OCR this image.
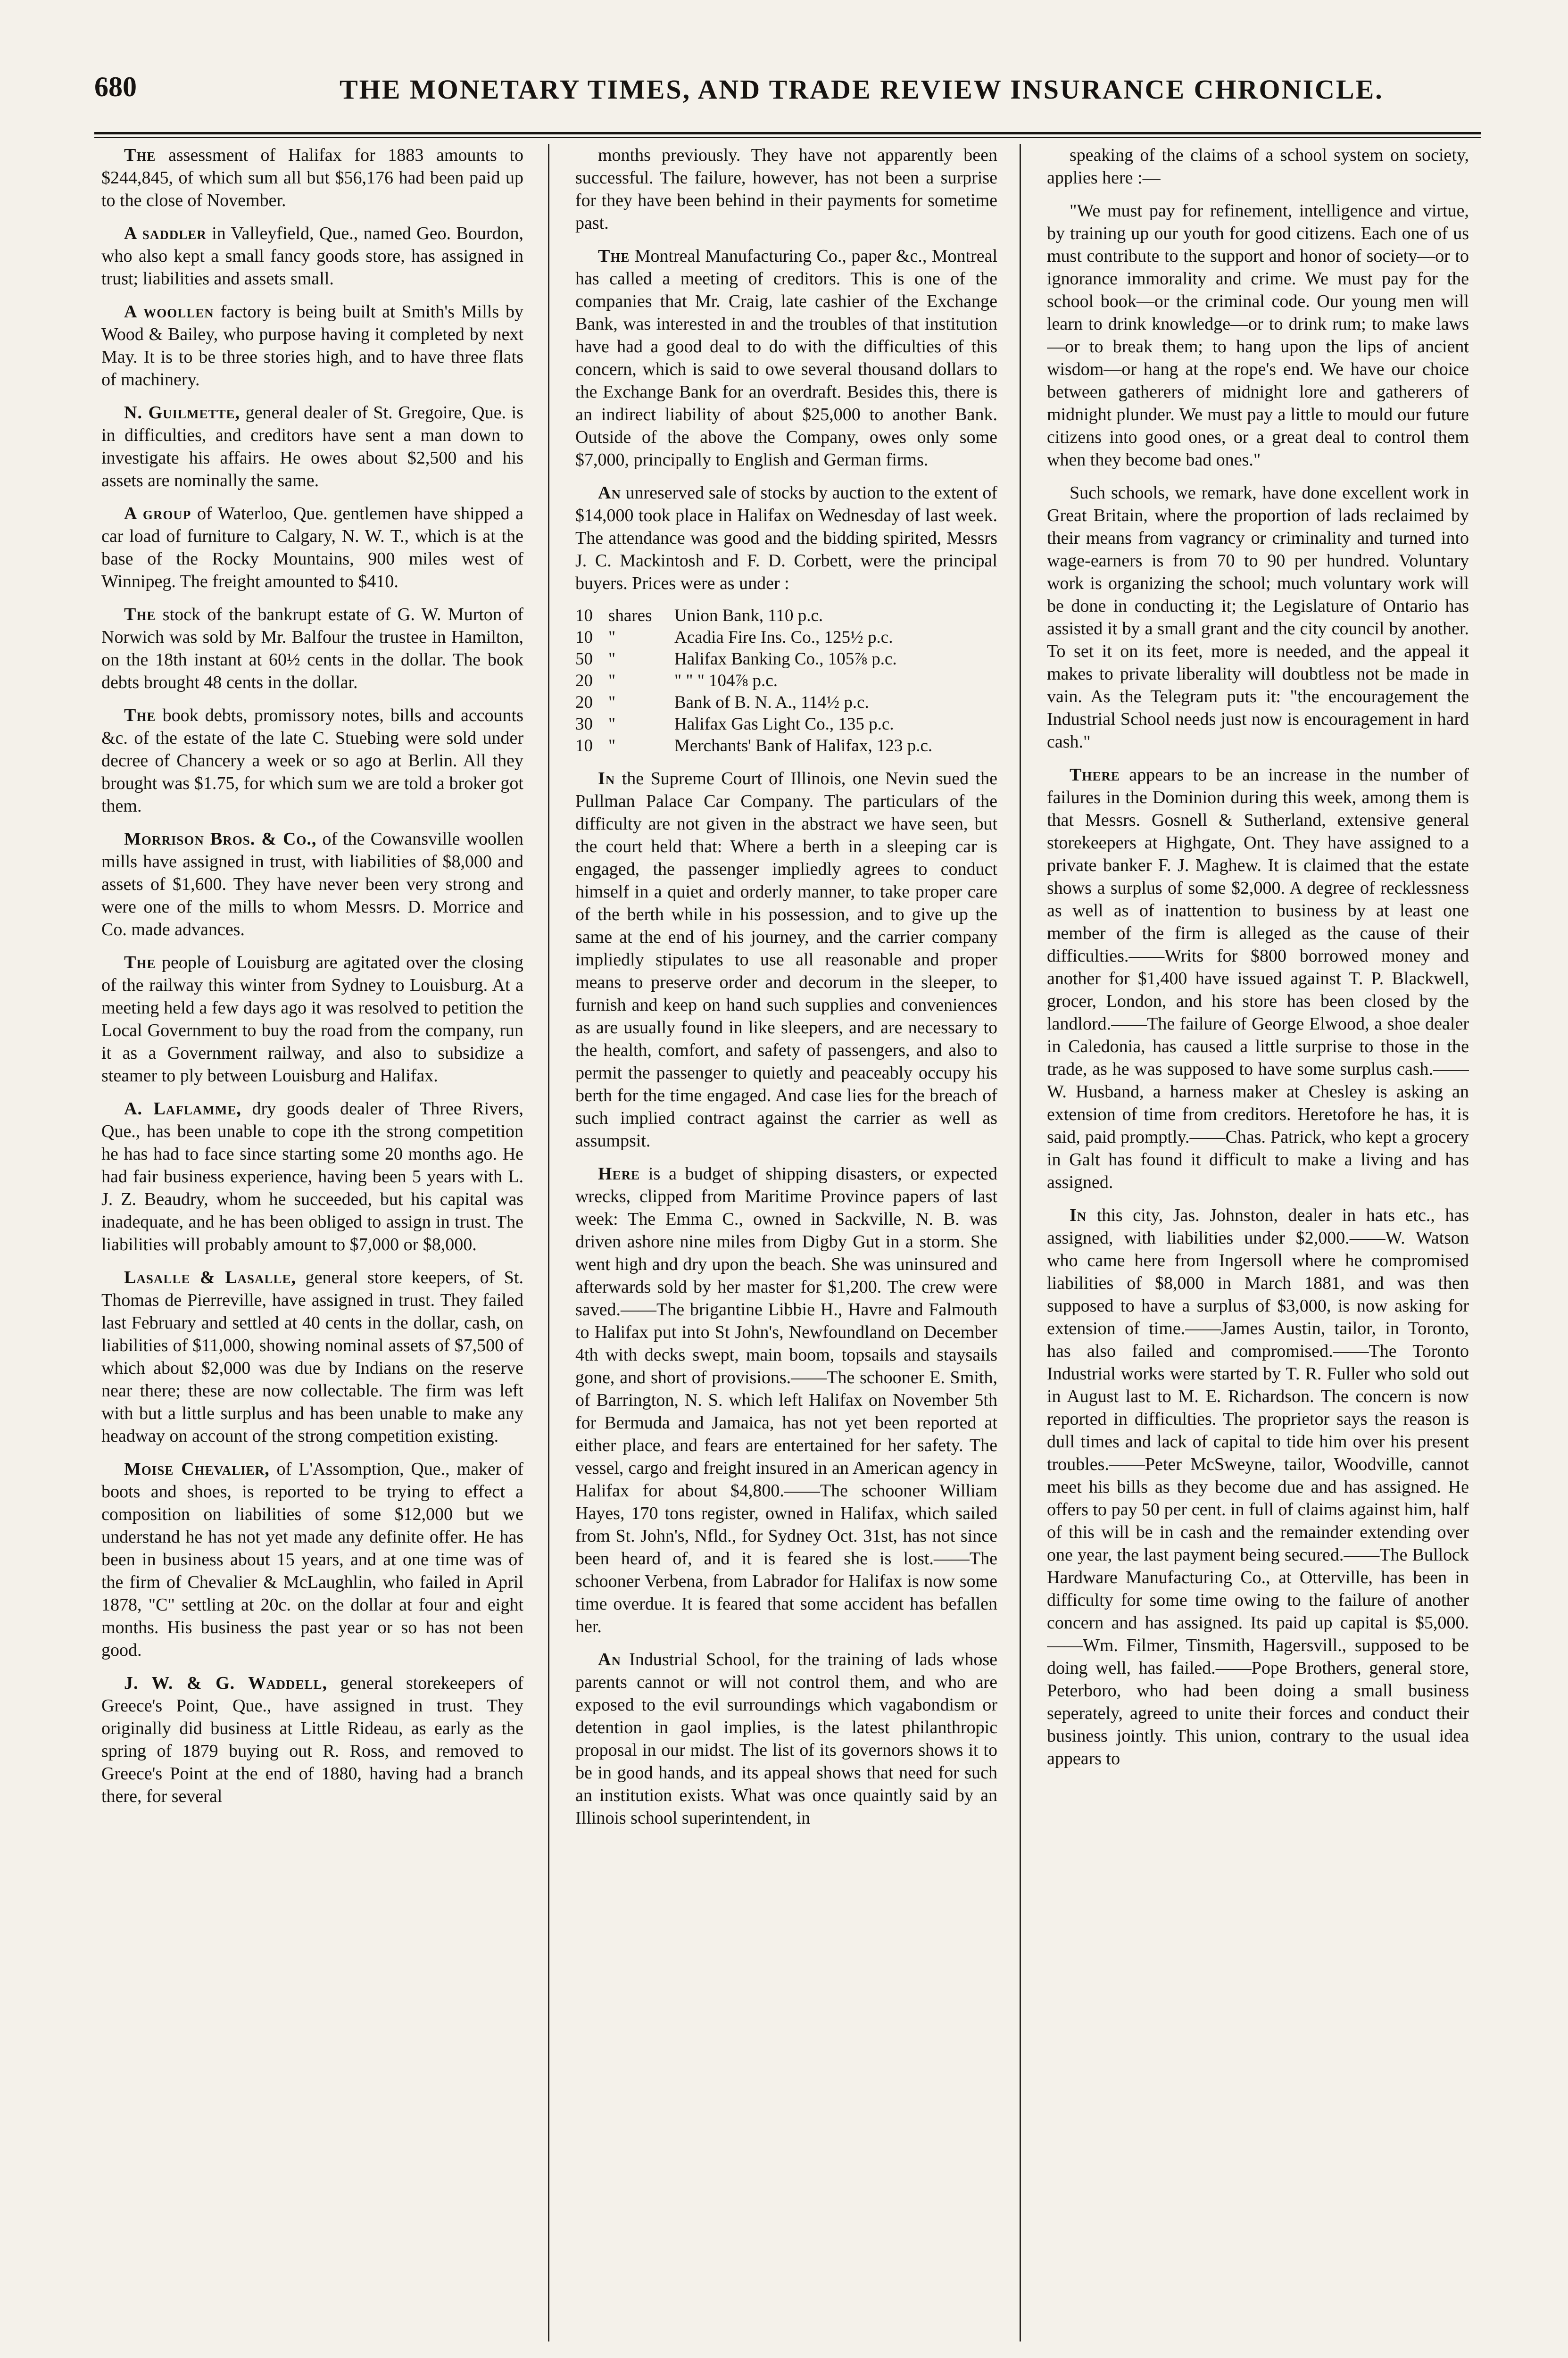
680	THE MONETARY TIMES, AND TRADE REVIEW INSURANCE CHRONICLE.

The assessment of Halifax for 1883 amounts to $244,845, of which sum all but $56,176 had been paid up to the close of November.

A saddler in Valleyfield, Que., named Geo. Bourdon, who also kept a small fancy goods store, has assigned in trust; liabilities and assets small.

A woollen factory is being built at Smith's Mills by Wood & Bailey, who purpose having it completed by next May. It is to be three stories high, and to have three flats of machinery.

N. Guilmette, general dealer of St. Gregoire, Que. is in difficulties, and creditors have sent a man down to investigate his affairs. He owes about $2,500 and his assets are nominally the same.

A group of Waterloo, Que. gentlemen have shipped a car load of furniture to Calgary, N. W. T., which is at the base of the Rocky Mountains, 900 miles west of Winnipeg. The freight amounted to $410.

The stock of the bankrupt estate of G. W. Murton of Norwich was sold by Mr. Balfour the trustee in Hamilton, on the 18th instant at 60½ cents in the dollar. The book debts brought 48 cents in the dollar.

The book debts, promissory notes, bills and accounts &c. of the estate of the late C. Stuebing were sold under decree of Chancery a week or so ago at Berlin. All they brought was $1.75, for which sum we are told a broker got them.

Morrison Bros. & Co., of the Cowansville woollen mills have assigned in trust, with liabilities of $8,000 and assets of $1,600. They have never been very strong and were one of the mills to whom Messrs. D. Morrice and Co. made advances.

The people of Louisburg are agitated over the closing of the railway this winter from Sydney to Louisburg. At a meeting held a few days ago it was resolved to petition the Local Government to buy the road from the company, run it as a Government railway, and also to subsidize a steamer to ply between Louisburg and Halifax.

A. Laflamme, dry goods dealer of Three Rivers, Que., has been unable to cope ith the strong competition he has had to face since starting some 20 months ago. He had fair business experience, having been 5 years with L. J. Z. Beaudry, whom he succeeded, but his capital was inadequate, and he has been obliged to assign in trust. The liabilities will probably amount to $7,000 or $8,000.

Lasalle & Lasalle, general store keepers, of St. Thomas de Pierreville, have assigned in trust. They failed last February and settled at 40 cents in the dollar, cash, on liabilities of $11,000, showing nominal assets of $7,500 of which about $2,000 was due by Indians on the reserve near there; these are now collectable. The firm was left with but a little surplus and has been unable to make any headway on account of the strong competition existing.

Moise Chevalier, of L'Assomption, Que., maker of boots and shoes, is reported to be trying to effect a composition on liabilities of some $12,000 but we understand he has not yet made any definite offer. He has been in business about 15 years, and at one time was of the firm of Chevalier & McLaughlin, who failed in April 1878, "C" settling at 20c. on the dollar at four and eight months. His business the past year or so has not been good.

J. W. & G. Waddell, general storekeepers of Greece's Point, Que., have assigned in trust. They originally did business at Little Rideau, as early as the spring of 1879 buying out R. Ross, and removed to Greece's Point at the end of 1880, having had a branch there, for several

months previously. They have not apparently been successful. The failure, however, has not been a surprise for they have been behind in their payments for sometime past.

The Montreal Manufacturing Co., paper &c., Montreal has called a meeting of creditors. This is one of the companies that Mr. Craig, late cashier of the Exchange Bank, was interested in and the troubles of that institution have had a good deal to do with the difficulties of this concern, which is said to owe several thousand dollars to the Exchange Bank for an overdraft. Besides this, there is an indirect liability of about $25,000 to another Bank. Outside of the above the Company, owes only some $7,000, principally to English and German firms.

An unreserved sale of stocks by auction to the extent of $14,000 took place in Halifax on Wednesday of last week. The attendance was good and the bidding spirited, Messrs J. C. Mackintosh and F. D. Corbett, were the principal buyers. Prices were as under :

10	shares	Union Bank, 110 p.c.
10	"	Acadia Fire Ins. Co., 125½ p.c.
50	"	Halifax Banking Co., 105⅞ p.c.
20	"	" " " 104⅞ p.c.
20	"	Bank of B. N. A., 114½ p.c.
30	"	Halifax Gas Light Co., 135 p.c.
10	"	Merchants' Bank of Halifax, 123 p.c.

In the Supreme Court of Illinois, one Nevin sued the Pullman Palace Car Company. The particulars of the difficulty are not given in the abstract we have seen, but the court held that: Where a berth in a sleeping car is engaged, the passenger impliedly agrees to conduct himself in a quiet and orderly manner, to take proper care of the berth while in his possession, and to give up the same at the end of his journey, and the carrier company impliedly stipulates to use all reasonable and proper means to preserve order and decorum in the sleeper, to furnish and keep on hand such supplies and conveniences as are usually found in like sleepers, and are necessary to the health, comfort, and safety of passengers, and also to permit the passenger to quietly and peaceably occupy his berth for the time engaged. And case lies for the breach of such implied contract against the carrier as well as assumpsit.

Here is a budget of shipping disasters, or expected wrecks, clipped from Maritime Province papers of last week: The Emma C., owned in Sackville, N. B. was driven ashore nine miles from Digby Gut in a storm. She went high and dry upon the beach. She was uninsured and afterwards sold by her master for $1,200. The crew were saved.——The brigantine Libbie H., Havre and Falmouth to Halifax put into St John's, Newfoundland on December 4th with decks swept, main boom, topsails and staysails gone, and short of provisions.——The schooner E. Smith, of Barrington, N. S. which left Halifax on November 5th for Bermuda and Jamaica, has not yet been reported at either place, and fears are entertained for her safety. The vessel, cargo and freight insured in an American agency in Halifax for about $4,800.——The schooner William Hayes, 170 tons register, owned in Halifax, which sailed from St. John's, Nfld., for Sydney Oct. 31st, has not since been heard of, and it is feared she is lost.——The schooner Verbena, from Labrador for Halifax is now some time overdue. It is feared that some accident has befallen her.

An Industrial School, for the training of lads whose parents cannot or will not control them, and who are exposed to the evil surroundings which vagabondism or detention in gaol implies, is the latest philanthropic proposal in our midst. The list of its governors shows it to be in good hands, and its appeal shows that need for such an institution exists. What was once quaintly said by an Illinois school superintendent, in

speaking of the claims of a school system on society, applies here :—

"We must pay for refinement, intelligence and virtue, by training up our youth for good citizens. Each one of us must contribute to the support and honor of society—or to ignorance immorality and crime. We must pay for the school book—or the criminal code. Our young men will learn to drink knowledge—or to drink rum; to make laws—or to break them; to hang upon the lips of ancient wisdom—or hang at the rope's end. We have our choice between gatherers of midnight lore and gatherers of midnight plunder. We must pay a little to mould our future citizens into good ones, or a great deal to control them when they become bad ones."

Such schools, we remark, have done excellent work in Great Britain, where the proportion of lads reclaimed by their means from vagrancy or criminality and turned into wage-earners is from 70 to 90 per hundred. Voluntary work is organizing the school; much voluntary work will be done in conducting it; the Legislature of Ontario has assisted it by a small grant and the city council by another. To set it on its feet, more is needed, and the appeal it makes to private liberality will doubtless not be made in vain. As the Telegram puts it: "the encouragement the Industrial School needs just now is encouragement in hard cash."

There appears to be an increase in the number of failures in the Dominion during this week, among them is that Messrs. Gosnell & Sutherland, extensive general storekeepers at Highgate, Ont. They have assigned to a private banker F. J. Maghew. It is claimed that the estate shows a surplus of some $2,000. A degree of recklessness as well as of inattention to business by at least one member of the firm is alleged as the cause of their difficulties.——Writs for $800 borrowed money and another for $1,400 have issued against T. P. Blackwell, grocer, London, and his store has been closed by the landlord.——The failure of George Elwood, a shoe dealer in Caledonia, has caused a little surprise to those in the trade, as he was supposed to have some surplus cash.——W. Husband, a harness maker at Chesley is asking an extension of time from creditors. Heretofore he has, it is said, paid promptly.——Chas. Patrick, who kept a grocery in Galt has found it difficult to make a living and has assigned.

In this city, Jas. Johnston, dealer in hats etc., has assigned, with liabilities under $2,000.——W. Watson who came here from Ingersoll where he compromised liabilities of $8,000 in March 1881, and was then supposed to have a surplus of $3,000, is now asking for extension of time.——James Austin, tailor, in Toronto, has also failed and compromised.——The Toronto Industrial works were started by T. R. Fuller who sold out in August last to M. E. Richardson. The concern is now reported in difficulties. The proprietor says the reason is dull times and lack of capital to tide him over his present troubles.——Peter McSweyne, tailor, Woodville, cannot meet his bills as they become due and has assigned. He offers to pay 50 per cent. in full of claims against him, half of this will be in cash and the remainder extending over one year, the last payment being secured.——The Bullock Hardware Manufacturing Co., at Otterville, has been in difficulty for some time owing to the failure of another concern and has assigned. Its paid up capital is $5,000.——Wm. Filmer, Tinsmith, Hagersvill., supposed to be doing well, has failed.——Pope Brothers, general store, Peterboro, who had been doing a small business seperately, agreed to unite their forces and conduct their business jointly. This union, contrary to the usual idea appears to
